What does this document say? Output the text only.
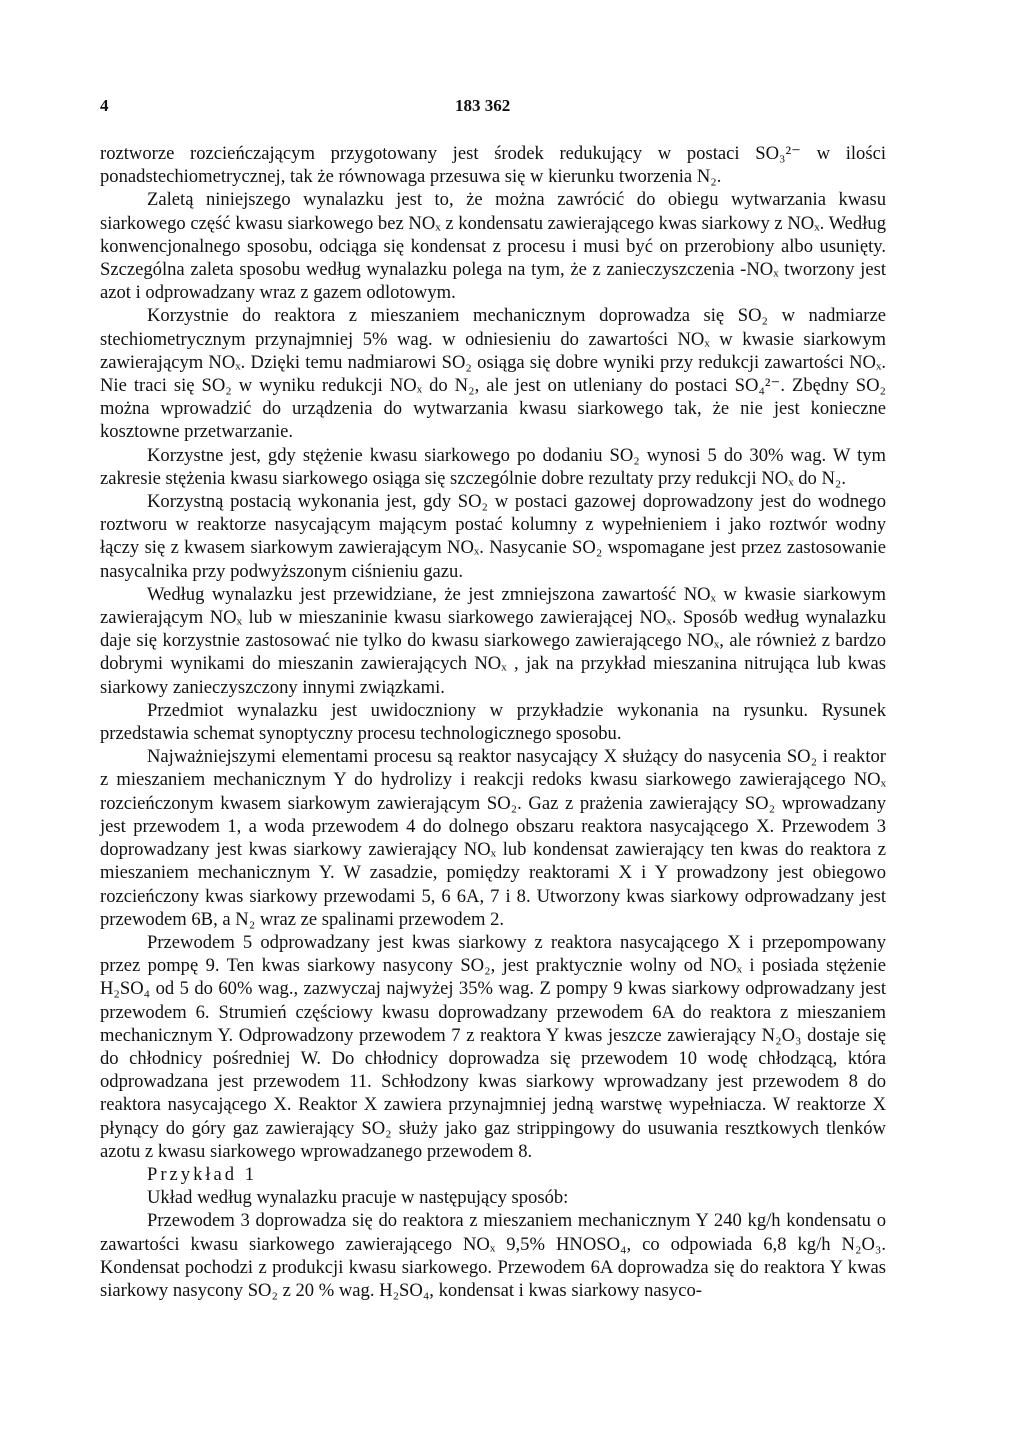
4	183 362

roztworze rozcieńczającym przygotowany jest środek redukujący w postaci SO₃²⁻ w ilości ponadstechiometrycznej, tak że równowaga przesuwa się w kierunku tworzenia N₂.

Zaletą niniejszego wynalazku jest to, że można zawrócić do obiegu wytwarzania kwasu siarkowego część kwasu siarkowego bez NOₓ z kondensatu zawierającego kwas siarkowy z NOₓ. Według konwencjonalnego sposobu, odciąga się kondensat z procesu i musi być on przerobiony albo usunięty. Szczególna zaleta sposobu według wynalazku polega na tym, że z zanieczyszczenia -NOₓ tworzony jest azot i odprowadzany wraz z gazem odlotowym.

Korzystnie do reaktora z mieszaniem mechanicznym doprowadza się SO₂ w nadmiarze stechiometrycznym przynajmniej 5% wag. w odniesieniu do zawartości NOₓ w kwasie siarkowym zawierającym NOₓ. Dzięki temu nadmiarowi SO₂ osiąga się dobre wyniki przy redukcji zawartości NOₓ. Nie traci się SO₂ w wyniku redukcji NOₓ do N₂, ale jest on utleniany do postaci SO₄²⁻. Zbędny SO₂ można wprowadzić do urządzenia do wytwarzania kwasu siarkowego tak, że nie jest konieczne kosztowne przetwarzanie.

Korzystne jest, gdy stężenie kwasu siarkowego po dodaniu SO₂ wynosi 5 do 30% wag. W tym zakresie stężenia kwasu siarkowego osiąga się szczególnie dobre rezultaty przy redukcji NOₓ do N₂.

Korzystną postacią wykonania jest, gdy SO₂ w postaci gazowej doprowadzony jest do wodnego roztworu w reaktorze nasycającym mającym postać kolumny z wypełnieniem i jako roztwór wodny łączy się z kwasem siarkowym zawierającym NOₓ. Nasycanie SO₂ wspomagane jest przez zastosowanie nasycalnika przy podwyższonym ciśnieniu gazu.

Według wynalazku jest przewidziane, że jest zmniejszona zawartość NOₓ w kwasie siarkowym zawierającym NOₓ lub w mieszaninie kwasu siarkowego zawierającej NOₓ. Sposób według wynalazku daje się korzystnie zastosować nie tylko do kwasu siarkowego zawierającego NOₓ, ale również z bardzo dobrymi wynikami do mieszanin zawierających NOₓ , jak na przykład mieszanina nitrująca lub kwas siarkowy zanieczyszczony innymi związkami.

Przedmiot wynalazku jest uwidoczniony w przykładzie wykonania na rysunku. Rysunek przedstawia schemat synoptyczny procesu technologicznego sposobu.

Najważniejszymi elementami procesu są reaktor nasycający X służący do nasycenia SO₂ i reaktor z mieszaniem mechanicznym Y do hydrolizy i reakcji redoks kwasu siarkowego zawierającego NOₓ rozcieńczonym kwasem siarkowym zawierającym SO₂. Gaz z prażenia zawierający SO₂ wprowadzany jest przewodem 1, a woda przewodem 4 do dolnego obszaru reaktora nasycającego X. Przewodem 3 doprowadzany jest kwas siarkowy zawierający NOₓ lub kondensat zawierający ten kwas do reaktora z mieszaniem mechanicznym Y. W zasadzie, pomiędzy reaktorami X i Y prowadzony jest obiegowo rozcieńczony kwas siarkowy przewodami 5, 6 6A, 7 i 8. Utworzony kwas siarkowy odprowadzany jest przewodem 6B, a N₂ wraz ze spalinami przewodem 2.

Przewodem 5 odprowadzany jest kwas siarkowy z reaktora nasycającego X i przepompowany przez pompę 9. Ten kwas siarkowy nasycony SO₂, jest praktycznie wolny od NOₓ i posiada stężenie H₂SO₄ od 5 do 60% wag., zazwyczaj najwyżej 35% wag. Z pompy 9 kwas siarkowy odprowadzany jest przewodem 6. Strumień częściowy kwasu doprowadzany przewodem 6A do reaktora z mieszaniem mechanicznym Y. Odprowadzony przewodem 7 z reaktora Y kwas jeszcze zawierający N₂O₃ dostaje się do chłodnicy pośredniej W. Do chłodnicy doprowadza się przewodem 10 wodę chłodzącą, która odprowadzana jest przewodem 11. Schłodzony kwas siarkowy wprowadzany jest przewodem 8 do reaktora nasycającego X. Reaktor X zawiera przynajmniej jedną warstwę wypełniacza. W reaktorze X płynący do góry gaz zawierający SO₂ służy jako gaz strippingowy do usuwania resztkowych tlenków azotu z kwasu siarkowego wprowadzanego przewodem 8.

Przykład 1

Układ według wynalazku pracuje w następujący sposób:

Przewodem 3 doprowadza się do reaktora z mieszaniem mechanicznym Y 240 kg/h kondensatu o zawartości kwasu siarkowego zawierającego NOₓ 9,5% HNOSO₄, co odpowiada 6,8 kg/h N₂O₃. Kondensat pochodzi z produkcji kwasu siarkowego. Przewodem 6A doprowadza się do reaktora Y kwas siarkowy nasycony SO₂ z 20 % wag. H₂SO₄, kondensat i kwas siarkowy nasyco-
